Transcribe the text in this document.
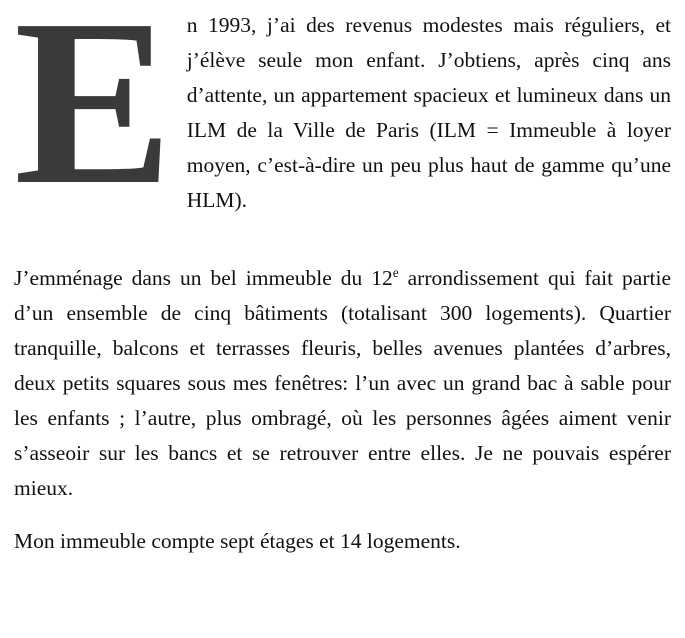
E n 1993, j’ai des revenus modestes mais réguliers, et j’élève seule mon enfant. J’obtiens, après cinq ans d’attente, un appartement spacieux et lumineux dans un ILM de la Ville de Paris (ILM = Immeuble à loyer moyen, c’est-à-dire un peu plus haut de gamme qu’une HLM).

J’emménage dans un bel immeuble du 12e arrondissement qui fait partie d’un ensemble de cinq bâtiments (totalisant 300 logements). Quartier tranquille, balcons et terrasses fleuris, belles avenues plantées d’arbres, deux petits squares sous mes fenêtres: l’un avec un grand bac à sable pour les enfants ; l’autre, plus ombragé, où les personnes âgées aiment venir s’asseoir sur les bancs et se retrouver entre elles. Je ne pouvais espérer mieux.

Mon immeuble compte sept étages et 14 logements.
